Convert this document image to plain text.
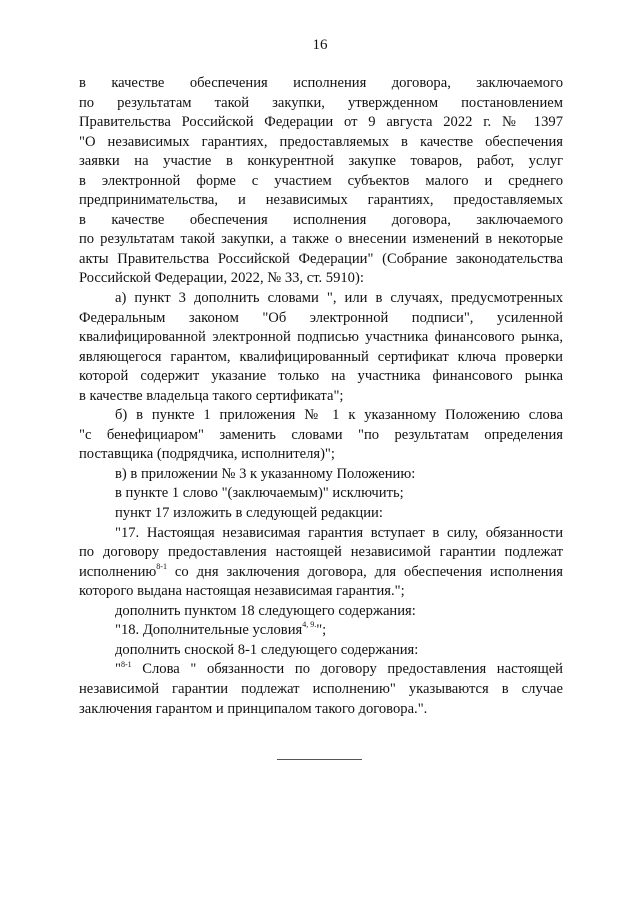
16
в качестве обеспечения исполнения договора, заключаемого
по результатам такой закупки, утвержденном постановлением
Правительства Российской Федерации от 9 августа 2022 г. № 1397
"О независимых гарантиях, предоставляемых в качестве обеспечения
заявки на участие в конкурентной закупке товаров, работ, услуг
в электронной форме с участием субъектов малого и среднего
предпринимательства, и независимых гарантиях, предоставляемых
в качестве обеспечения исполнения договора, заключаемого
по результатам такой закупки, а также о внесении изменений в некоторые
акты Правительства Российской Федерации" (Собрание законодательства
Российской Федерации, 2022, № 33, ст. 5910):
а) пункт 3 дополнить словами ", или в случаях, предусмотренных
Федеральным законом "Об электронной подписи", усиленной
квалифицированной электронной подписью участника финансового рынка,
являющегося гарантом, квалифицированный сертификат ключа проверки
которой содержит указание только на участника финансового рынка
в качестве владельца такого сертификата";
б) в пункте 1 приложения № 1 к указанному Положению слова
"с бенефициаром" заменить словами "по результатам определения
поставщика (подрядчика, исполнителя)";
в) в приложении № 3 к указанному Положению:
в пункте 1 слово "(заключаемым)" исключить;
пункт 17 изложить в следующей редакции:
"17. Настоящая независимая гарантия вступает в силу, обязанности
по договору предоставления настоящей независимой гарантии подлежат
исполнению$^{8-1}$ со дня заключения договора, для обеспечения исполнения
которого выдана настоящая независимая гарантия.";
дополнить пунктом 18 следующего содержания:
"18. Дополнительные условия$^{4, 9.}$";
дополнить сноской 8-1 следующего содержания:
"$^{8-1}$ Слова " обязанности по договору предоставления настоящей
независимой гарантии подлежат исполнению" указываются в случае
заключения гарантом и принципалом такого договора.".
